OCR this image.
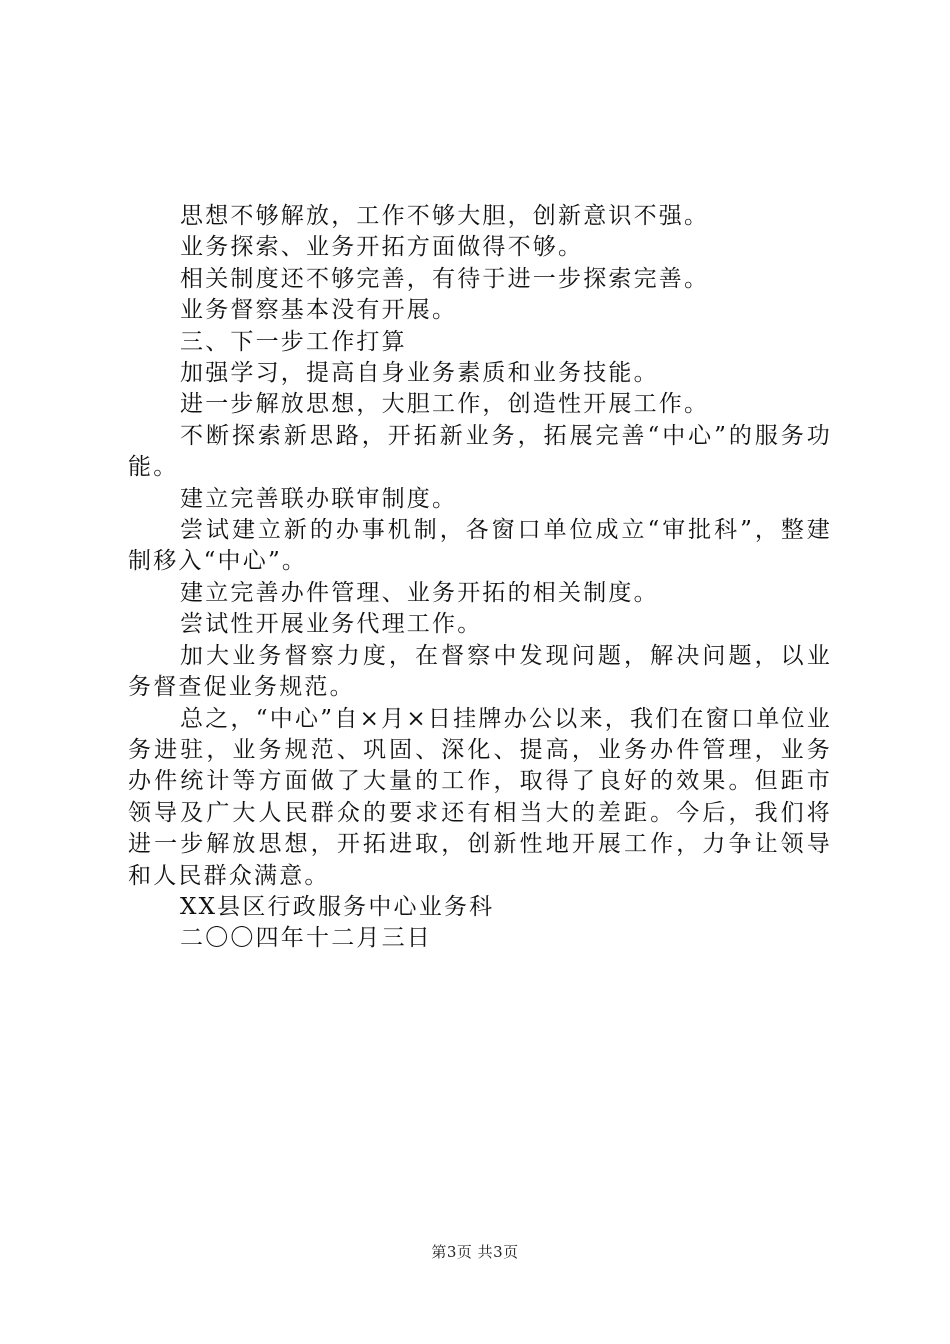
思想不够解放，工作不够大胆，创新意识不强。

业务探索、业务开拓方面做得不够。

相关制度还不够完善，有待于进一步探索完善。

业务督察基本没有开展。

三、下一步工作打算

加强学习，提高自身业务素质和业务技能。

进一步解放思想，大胆工作，创造性开展工作。

不断探索新思路，开拓新业务，拓展完善“中心”的服务功能。

建立完善联办联审制度。

尝试建立新的办事机制，各窗口单位成立“审批科”，整建制移入“中心”。

建立完善办件管理、业务开拓的相关制度。

尝试性开展业务代理工作。

加大业务督察力度，在督察中发现问题，解决问题，以业务督查促业务规范。

总之，“中心”自×月×日挂牌办公以来，我们在窗口单位业务进驻，业务规范、巩固、深化、提高，业务办件管理，业务办件统计等方面做了大量的工作，取得了良好的效果。但距市领导及广大人民群众的要求还有相当大的差距。今后，我们将进一步解放思想，开拓进取，创新性地开展工作，力争让领导和人民群众满意。

XX县区行政服务中心业务科

二〇〇四年十二月三日

第3页 共3页
